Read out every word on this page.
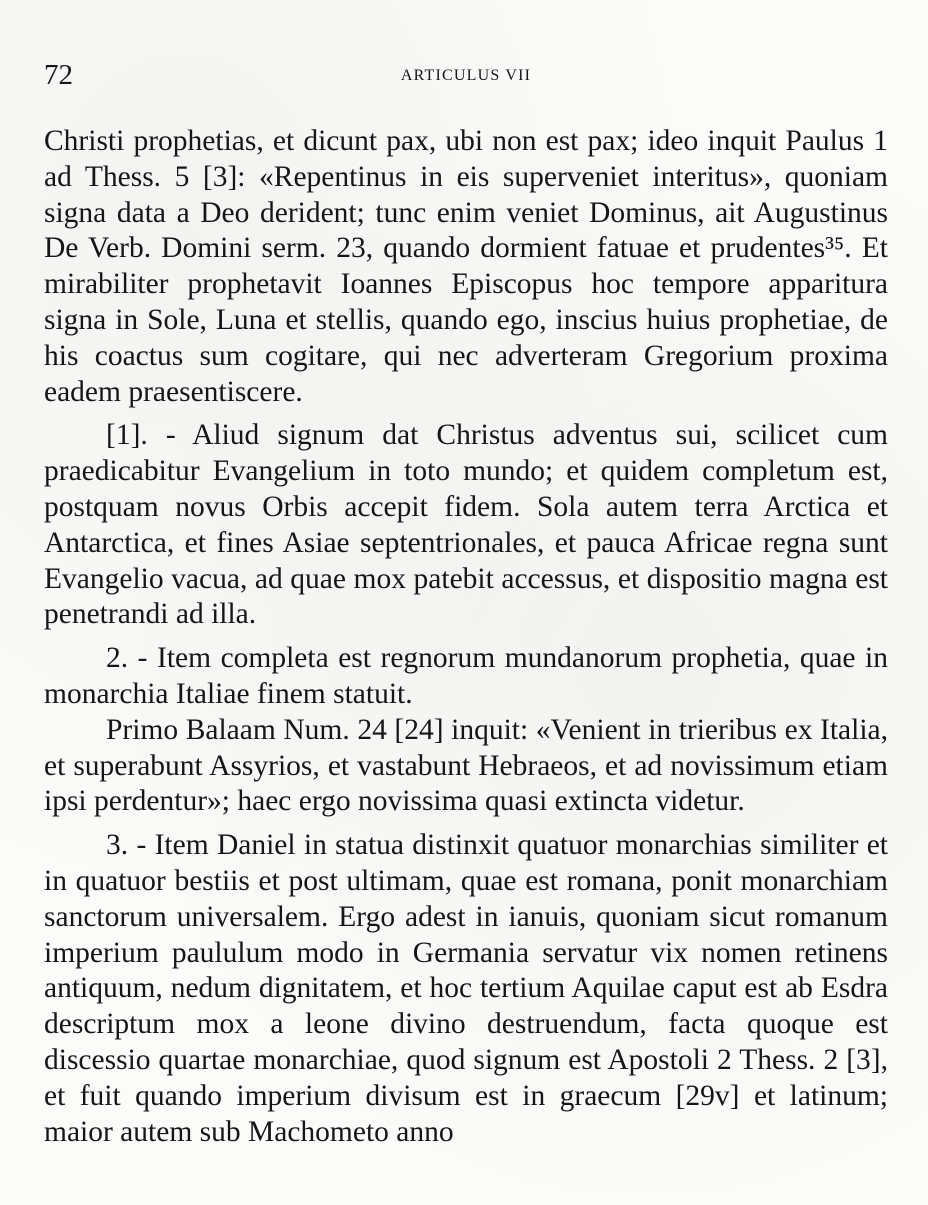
72	ARTICULUS VII

Christi prophetias, et dicunt pax, ubi non est pax; ideo inquit Paulus 1 ad Thess. 5 [3]: «Repentinus in eis superveniet interitus», quoniam signa data a Deo derident; tunc enim veniet Dominus, ait Augustinus De Verb. Domini serm. 23, quando dormient fatuae et prudentes³⁵. Et mirabiliter prophetavit Ioannes Episcopus hoc tempore apparitura signa in Sole, Luna et stellis, quando ego, inscius huius prophetiae, de his coactus sum cogitare, qui nec adverteram Gregorium proxima eadem praesentiscere.

[1]. - Aliud signum dat Christus adventus sui, scilicet cum praedicabitur Evangelium in toto mundo; et quidem completum est, postquam novus Orbis accepit fidem. Sola autem terra Arctica et Antarctica, et fines Asiae septentrionales, et pauca Africae regna sunt Evangelio vacua, ad quae mox patebit accessus, et dispositio magna est penetrandi ad illa.

2. - Item completa est regnorum mundanorum prophetia, quae in monarchia Italiae finem statuit.

Primo Balaam Num. 24 [24] inquit: «Venient in trieribus ex Italia, et superabunt Assyrios, et vastabunt Hebraeos, et ad novissimum etiam ipsi perdentur»; haec ergo novissima quasi extincta videtur.

3. - Item Daniel in statua distinxit quatuor monarchias similiter et in quatuor bestiis et post ultimam, quae est romana, ponit monarchiam sanctorum universalem. Ergo adest in ianuis, quoniam sicut romanum imperium paululum modo in Germania servatur vix nomen retinens antiquum, nedum dignitatem, et hoc tertium Aquilae caput est ab Esdra descriptum mox a leone divino destruendum, facta quoque est discessio quartae monarchiae, quod signum est Apostoli 2 Thess. 2 [3], et fuit quando imperium divisum est in graecum [29v] et latinum; maior autem sub Machometo anno
